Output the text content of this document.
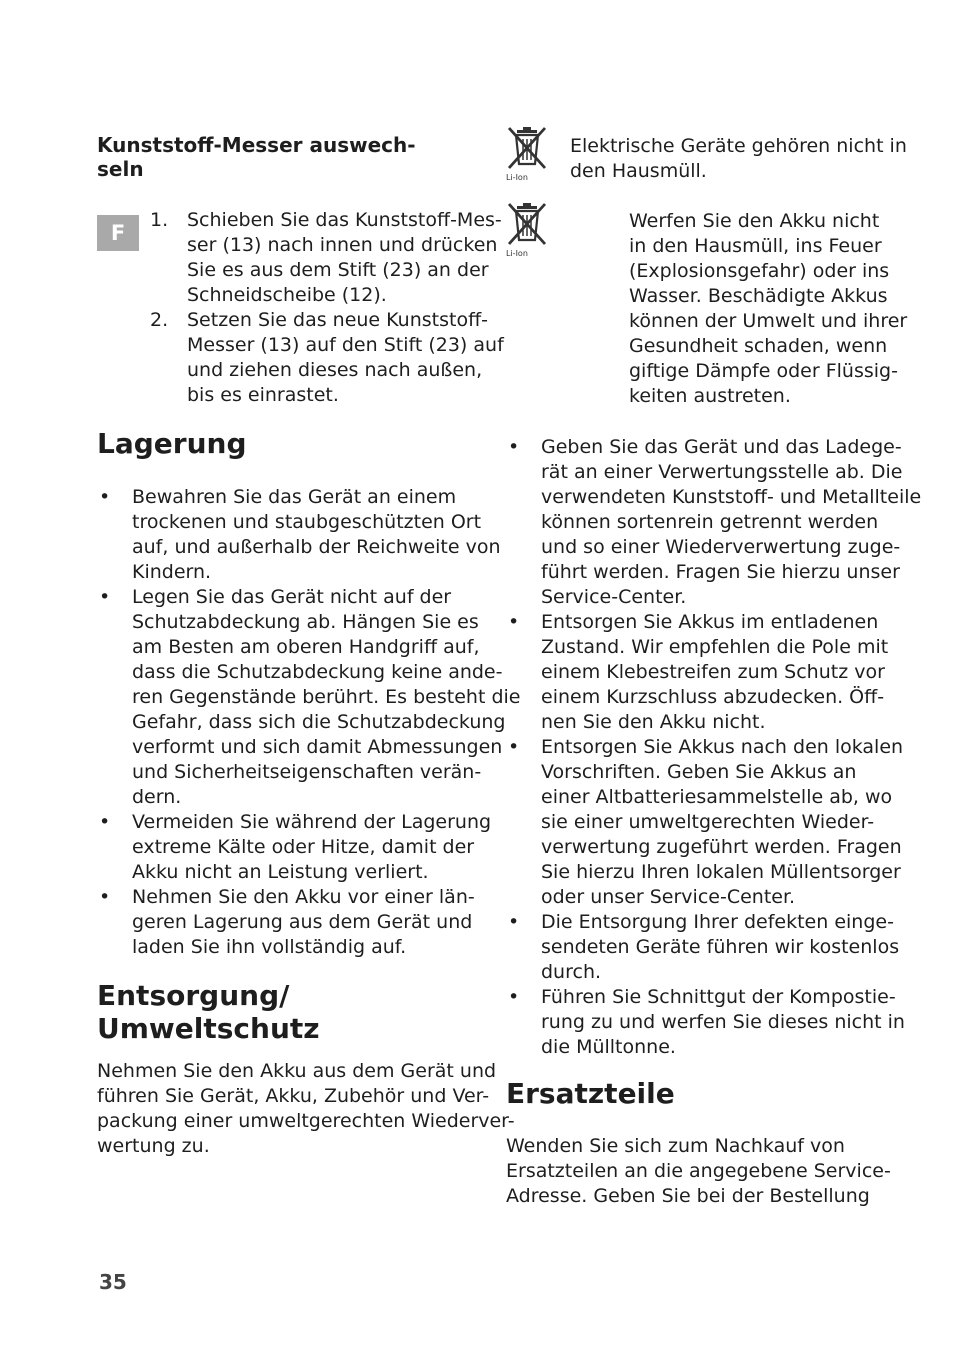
Kunststoff-Messer auswech-
seln
F
1. Schieben Sie das Kunststoff-Mes-
ser (13) nach innen und drücken
Sie es aus dem Stift (23) an der
Schneidscheibe (12).
2. Setzen Sie das neue Kunststoff-
Messer (13) auf den Stift (23) auf
und ziehen dieses nach außen,
bis es einrastet.
Lagerung
• Bewahren Sie das Gerät an einem
trockenen und staubgeschützten Ort
auf, und außerhalb der Reichweite von
Kindern.
• Legen Sie das Gerät nicht auf der
Schutzabdeckung ab. Hängen Sie es
am Besten am oberen Handgriff auf,
dass die Schutzabdeckung keine ande-
ren Gegenstände berührt. Es besteht die
Gefahr, dass sich die Schutzabdeckung
verformt und sich damit Abmessungen
und Sicherheitseigenschaften verän-
dern.
• Vermeiden Sie während der Lagerung
extreme Kälte oder Hitze, damit der
Akku nicht an Leistung verliert.
• Nehmen Sie den Akku vor einer län-
geren Lagerung aus dem Gerät und
laden Sie ihn vollständig auf.
Entsorgung/
Umweltschutz
Nehmen Sie den Akku aus dem Gerät und
führen Sie Gerät, Akku, Zubehör und Ver-
packung einer umweltgerechten Wiederver-
wertung zu.
35
Li-Ion
Elektrische Geräte gehören nicht in
den Hausmüll.
Li-Ion
Werfen Sie den Akku nicht
in den Hausmüll, ins Feuer
(Explosionsgefahr) oder ins
Wasser. Beschädigte Akkus
können der Umwelt und ihrer
Gesundheit schaden, wenn
giftige Dämpfe oder Flüssig-
keiten austreten.
• Geben Sie das Gerät und das Ladege-
rät an einer Verwertungsstelle ab. Die
verwendeten Kunststoff- und Metallteile
können sortenrein getrennt werden
und so einer Wiederverwertung zuge-
führt werden. Fragen Sie hierzu unser
Service-Center.
• Entsorgen Sie Akkus im entladenen
Zustand. Wir empfehlen die Pole mit
einem Klebestreifen zum Schutz vor
einem Kurzschluss abzudecken. Öff-
nen Sie den Akku nicht.
• Entsorgen Sie Akkus nach den lokalen
Vorschriften. Geben Sie Akkus an
einer Altbatteriesammelstelle ab, wo
sie einer umweltgerechten Wieder-
verwertung zugeführt werden. Fragen
Sie hierzu Ihren lokalen Müllentsorger
oder unser Service-Center.
• Die Entsorgung Ihrer defekten einge-
sendeten Geräte führen wir kostenlos
durch.
• Führen Sie Schnittgut der Kompostie-
rung zu und werfen Sie dieses nicht in
die Mülltonne.
Ersatzteile
Wenden Sie sich zum Nachkauf von
Ersatzteilen an die angegebene Service-
Adresse. Geben Sie bei der Bestellung
